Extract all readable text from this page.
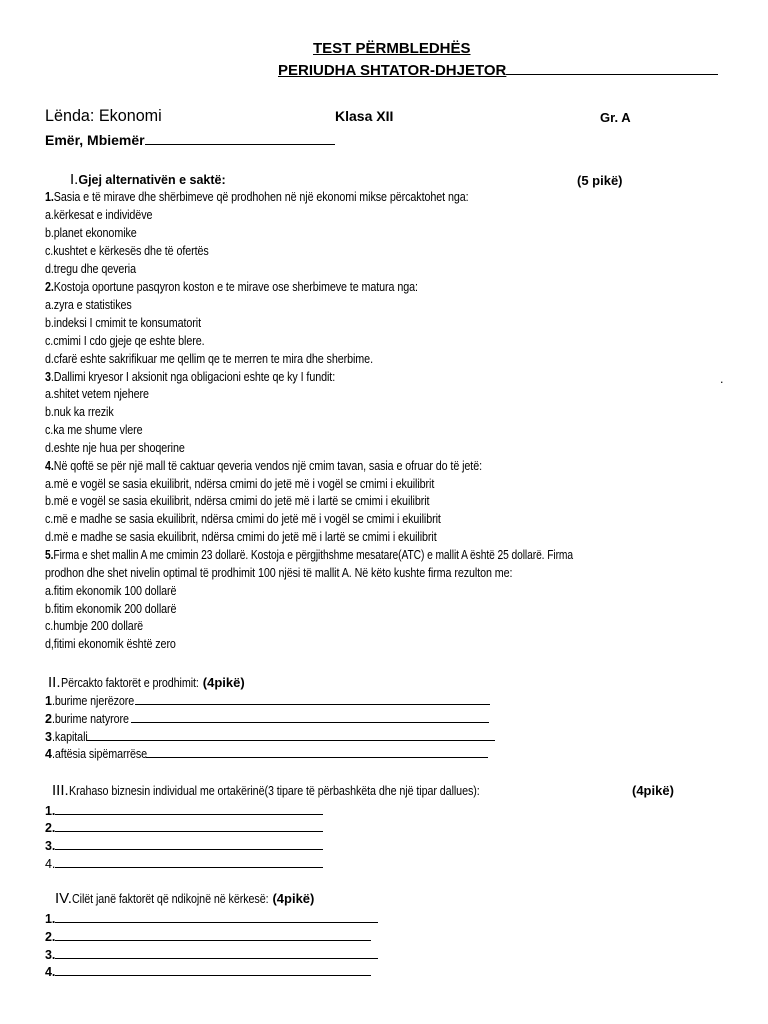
TEST PËRMBLEDHËS
PERIUDHA SHTATOR-DHJETOR
Lënda: Ekonomi	Klasa XII	Gr. A
Emër, Mbiemër
I.Gjej alternativën e saktë:	(5 pikë)
1.Sasia e të mirave dhe shërbimeve që prodhohen në një ekonomi mikse përcaktohet nga:
a.kërkesat e individëve
b.planet ekonomike
c.kushtet e kërkesës dhe të ofertës
d.tregu dhe qeveria
2.Kostoja oportune pasqyron koston e te mirave ose sherbimeve te matura nga:
a.zyra e statistikes
b.indeksi I cmimit te konsumatorit
c.cmimi I cdo gjeje qe eshte blere.
d.cfarë eshte sakrifikuar me qellim qe te merren te mira dhe sherbime.
3.Dallimi kryesor I aksionit nga obligacioni eshte qe ky I fundit:	.
a.shitet vetem njehere
b.nuk ka rrezik
c.ka me shume vlere
d.eshte nje hua per shoqerine
4.Në qoftë se për një mall të caktuar qeveria vendos një cmim tavan, sasia e ofruar do të jetë:
a.më e vogël se sasia ekuilibrit, ndërsa cmimi do jetë më i vogël se cmimi i ekuilibrit
b.më e vogël se sasia ekuilibrit, ndërsa cmimi do jetë më i lartë se cmimi i ekuilibrit
c.më e madhe se sasia ekuilibrit, ndërsa cmimi do jetë më i vogël se cmimi i ekuilibrit
d.më e madhe se sasia ekuilibrit, ndërsa cmimi do jetë më i lartë se cmimi i ekuilibrit
5.Firma e shet mallin A me cmimin 23 dollarë. Kostoja e përgjithshme mesatare(ATC) e mallit A është 25 dollarë. Firma
prodhon dhe shet nivelin optimal të prodhimit 100 njësi të mallit A. Në këto kushte firma rezulton me:
a.fitim ekonomik 100 dollarë
b.fitim ekonomik 200 dollarë
c.humbje 200 dollarë
d,fitimi ekonomik është zero
II.Përcakto faktorët e prodhimit: (4pikë)
1.burime njerëzore
2.burime natyrore
3.kapitali
4.aftësia sipëmarrëse
III.Krahaso biznesin individual me ortakërinë(3 tipare të përbashkëta dhe një tipar dallues):	(4pikë)
1.
2.
3.
4.
IV.Cilët janë faktorët që ndikojnë në kërkesë: (4pikë)
1.
2.
3.
4.
